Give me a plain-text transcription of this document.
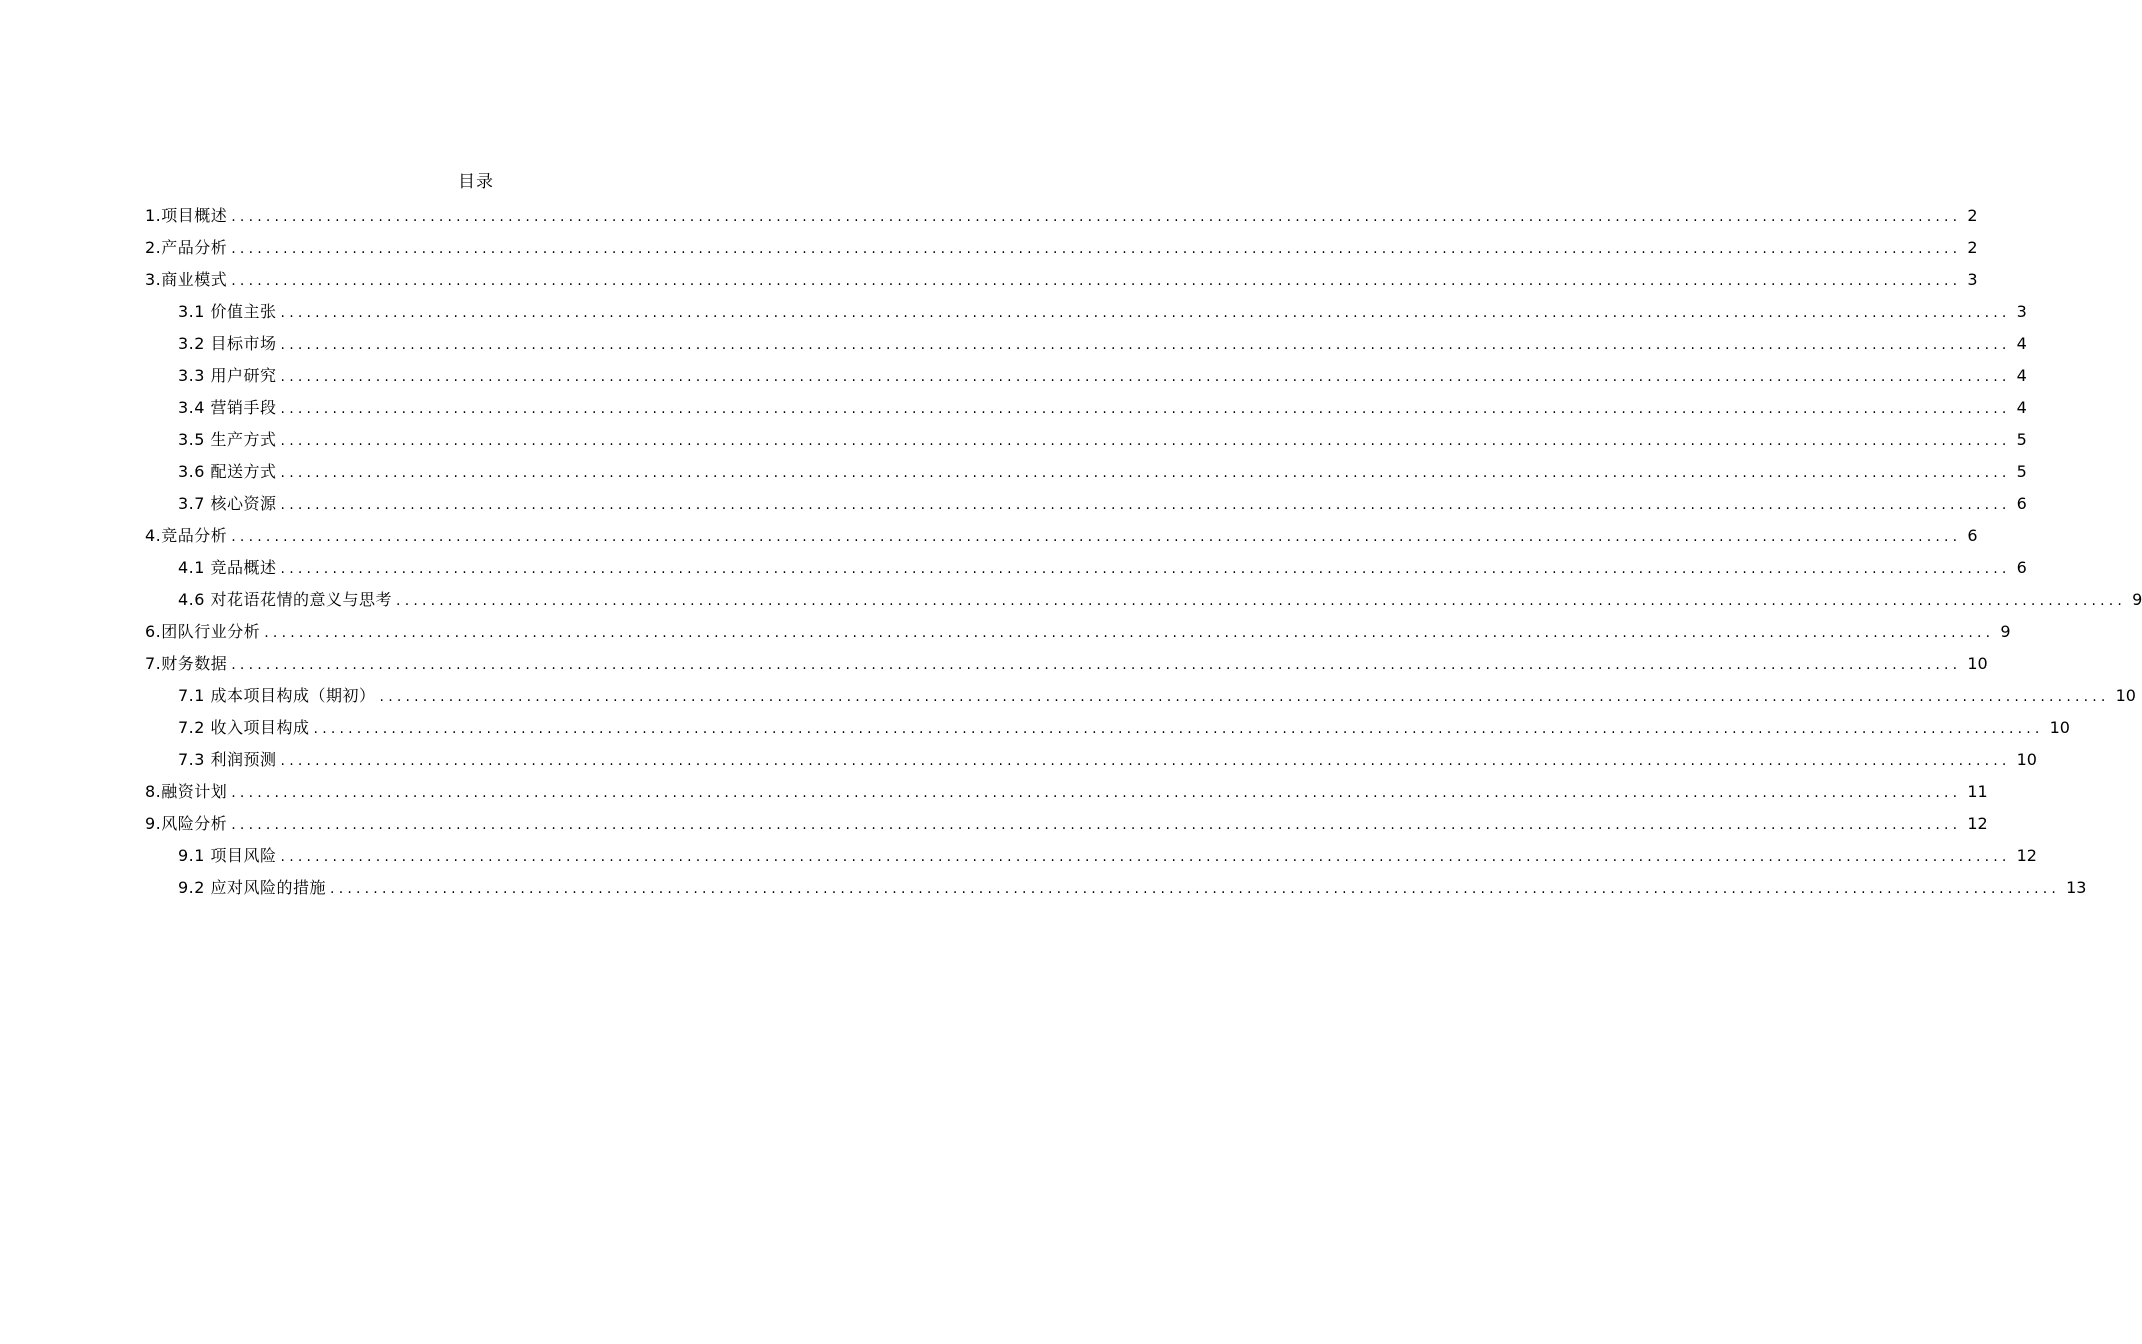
目录
1.项目概述 ........................................................................................................................................................................................................ 2
2.产品分析 ........................................................................................................................................................................................................ 2
3.商业模式 ........................................................................................................................................................................................................ 3
3.1 价值主张 ........................................................................................................................................................................................................ 3
3.2 目标市场 ........................................................................................................................................................................................................ 4
3.3 用户研究 ........................................................................................................................................................................................................ 4
3.4 营销手段 ........................................................................................................................................................................................................ 4
3.5 生产方式 ........................................................................................................................................................................................................ 5
3.6 配送方式 ........................................................................................................................................................................................................ 5
3.7 核心资源 ........................................................................................................................................................................................................ 6
4.竞品分析 ........................................................................................................................................................................................................ 6
4.1 竞品概述 ........................................................................................................................................................................................................ 6
4.6 对花语花情的意义与思考 ........................................................................................................................................................................................................ 9
6.团队行业分析 ........................................................................................................................................................................................................ 9
7.财务数据 ........................................................................................................................................................................................................ 10
7.1 成本项目构成（期初） ........................................................................................................................................................................................................ 10
7.2 收入项目构成 ........................................................................................................................................................................................................ 10
7.3 利润预测 ........................................................................................................................................................................................................ 10
8.融资计划 ........................................................................................................................................................................................................ 11
9.风险分析 ........................................................................................................................................................................................................ 12
9.1 项目风险 ........................................................................................................................................................................................................ 12
9.2 应对风险的措施 ........................................................................................................................................................................................................ 13
